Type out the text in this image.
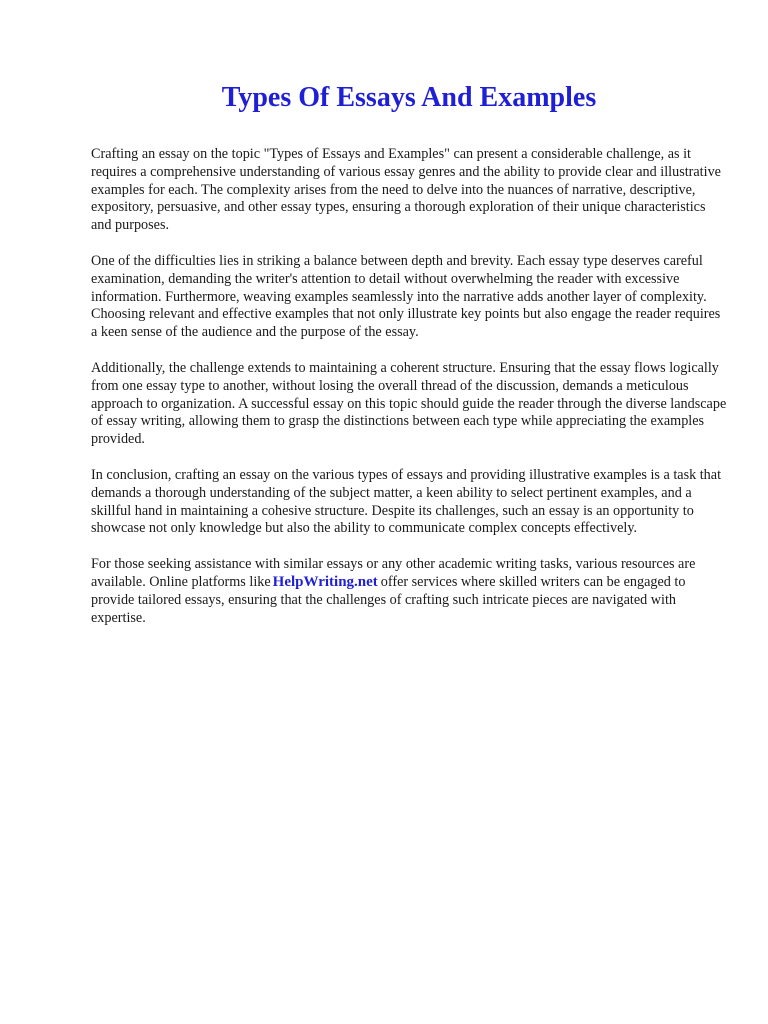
Types Of Essays And Examples

Crafting an essay on the topic "Types of Essays and Examples" can present a considerable challenge, as it requires a comprehensive understanding of various essay genres and the ability to provide clear and illustrative examples for each. The complexity arises from the need to delve into the nuances of narrative, descriptive, expository, persuasive, and other essay types, ensuring a thorough exploration of their unique characteristics and purposes.

One of the difficulties lies in striking a balance between depth and brevity. Each essay type deserves careful examination, demanding the writer's attention to detail without overwhelming the reader with excessive information. Furthermore, weaving examples seamlessly into the narrative adds another layer of complexity. Choosing relevant and effective examples that not only illustrate key points but also engage the reader requires a keen sense of the audience and the purpose of the essay.

Additionally, the challenge extends to maintaining a coherent structure. Ensuring that the essay flows logically from one essay type to another, without losing the overall thread of the discussion, demands a meticulous approach to organization. A successful essay on this topic should guide the reader through the diverse landscape of essay writing, allowing them to grasp the distinctions between each type while appreciating the examples provided.

In conclusion, crafting an essay on the various types of essays and providing illustrative examples is a task that demands a thorough understanding of the subject matter, a keen ability to select pertinent examples, and a skillful hand in maintaining a cohesive structure. Despite its challenges, such an essay is an opportunity to showcase not only knowledge but also the ability to communicate complex concepts effectively.

For those seeking assistance with similar essays or any other academic writing tasks, various resources are available. Online platforms like HelpWriting.net offer services where skilled writers can be engaged to provide tailored essays, ensuring that the challenges of crafting such intricate pieces are navigated with expertise.
